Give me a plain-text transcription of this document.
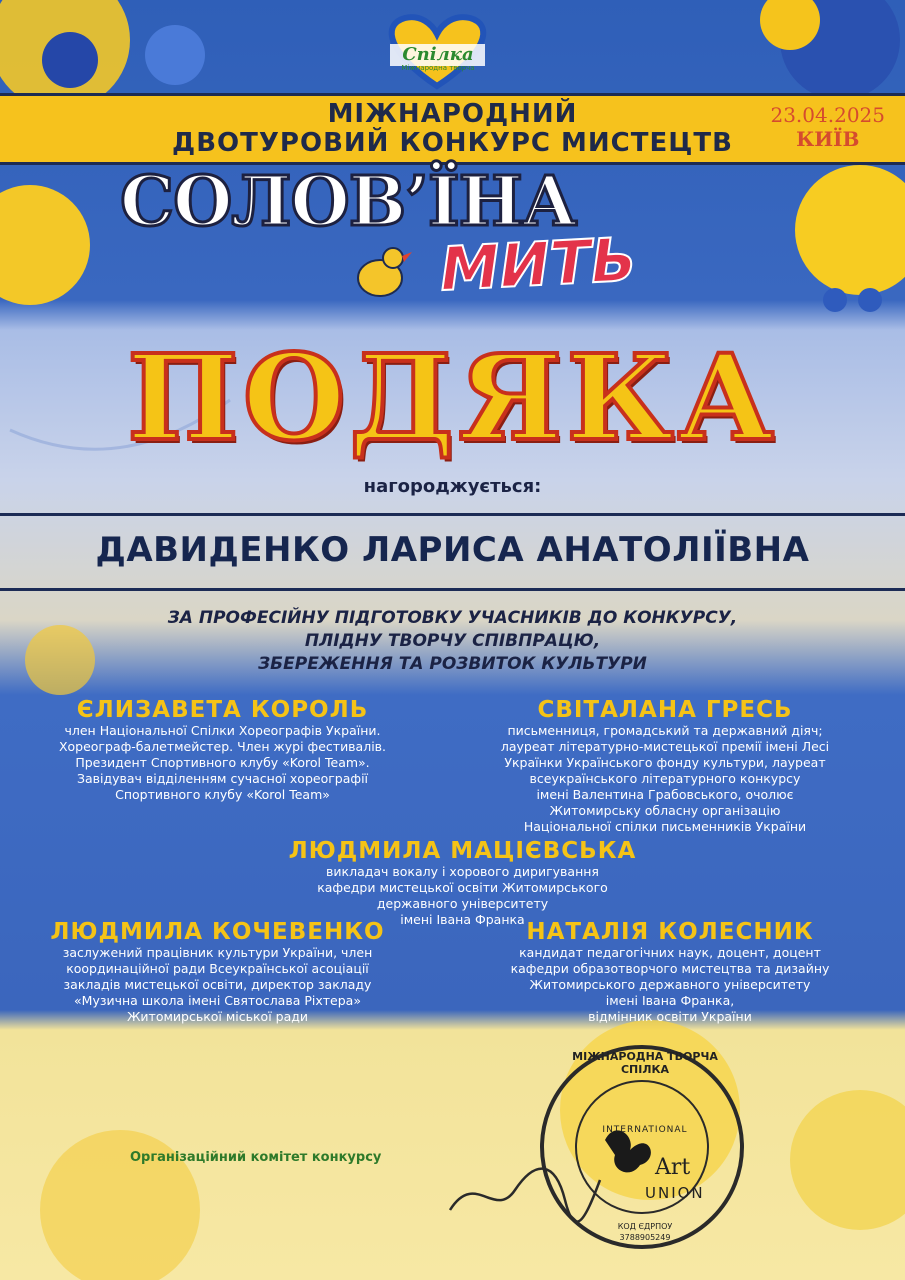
Спілка
Міжнародна творча
МІЖНАРОДНИЙ
ДВОТУРОВИЙ КОНКУРС МИСТЕЦТВ
23.04.2025
КИЇВ
СОЛОВ’ЇНА
МИТЬ
ПОДЯКА
нагороджується:
ДАВИДЕНКО ЛАРИСА АНАТОЛІЇВНА
ЗА ПРОФЕСІЙНУ ПІДГОТОВКУ УЧАСНИКІВ ДО КОНКУРСУ,
ПЛІДНУ ТВОРЧУ СПІВПРАЦЮ,
ЗБЕРЕЖЕННЯ ТА РОЗВИТОК КУЛЬТУРИ
ЄЛИЗАВЕТА КОРОЛЬ
член Національної Спілки Хореографів України.
Хореограф-балетмейстер. Член журі фестивалів.
Президент Спортивного клубу «Korol Team».
Завідувач відділенням сучасної хореографії
Спортивного клубу «Korol Team»
СВІТАЛАНА ГРЕСЬ
письменниця, громадський та державний діяч;
лауреат літературно-мистецької премії імені Лесі
Українки Українського фонду культури, лауреат
всеукраїнського літературного конкурсу
імені Валентина Грабовського, очолює
Житомирську обласну організацію
Національної спілки письменників України
ЛЮДМИЛА МАЦІЄВСЬКА
викладач вокалу і хорового диригування
кафедри мистецької освіти Житомирського
державного університету
імені Івана Франка
ЛЮДМИЛА КОЧЕВЕНКО
заслужений працівник культури України, член
координаційної ради Всеукраїнської асоціації
закладів мистецької освіти, директор закладу
«Музична школа імені Святослава Ріхтера»
Житомирської міської ради
НАТАЛІЯ КОЛЕСНИК
кандидат педагогічних наук, доцент, доцент
кафедри образотворчого мистецтва та дизайну
Житомирського державного університету
імені Івана Франка,
відмінник освіти України
Організаційний комітет конкурсу
МІЖНАРОДНА ТВОРЧА СПІЛКА
INTERNATIONAL
Art
UNION
КОД ЄДРПОУ
3788905249
